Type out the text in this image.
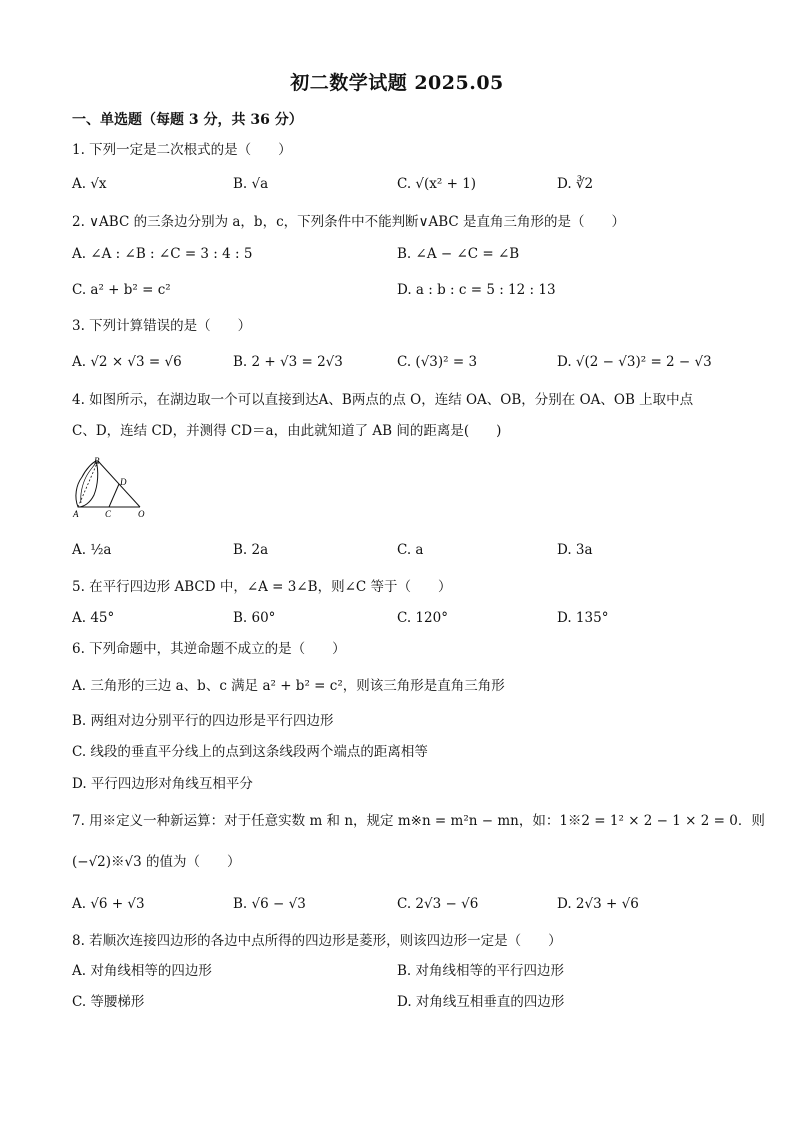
初二数学试题 2025.05
一、单选题（每题 3 分，共 36 分）
1. 下列一定是二次根式的是（　　）
A. √x	B. √a	C. √(x² + 1)	D. ∛2
2. ∨ABC 的三条边分别为 a，b，c，下列条件中不能判断∨ABC 是直角三角形的是（　　）
A. ∠A : ∠B : ∠C = 3 : 4 : 5	B. ∠A − ∠C = ∠B
C. a² + b² = c²	D. a : b : c = 5 : 12 : 13
3. 下列计算错误的是（　　）
A. √2 × √3 = √6	B. 2 + √3 = 2√3	C. (√3)² = 3	D. √(2 − √3)² = 2 − √3
4. 如图所示，在湖边取一个可以直接到达A、B两点的点 O，连结 OA、OB，分别在 OA、OB 上取中点
C、D，连结 CD，并测得 CD＝a，由此就知道了 AB 间的距离是(　　)
B
A	C
D
O
A. ½a	B. 2a	C. a	D. 3a
5. 在平行四边形 ABCD 中，∠A = 3∠B，则∠C 等于（　　）
A. 45°	B. 60°	C. 120°	D. 135°
6. 下列命题中，其逆命题不成立的是（　　）
A. 三角形的三边 a、b、c 满足 a² + b² = c²，则该三角形是直角三角形
B. 两组对边分别平行的四边形是平行四边形
C. 线段的垂直平分线上的点到这条线段两个端点的距离相等
D. 平行四边形对角线互相平分
7. 用※定义一种新运算：对于任意实数 m 和 n，规定 m※n = m²n − mn，如：1※2 = 1² × 2 − 1 × 2 = 0．则
(−√2)※√3 的值为（　　）
A. √6 + √3	B. √6 − √3	C. 2√3 − √6	D. 2√3 + √6
8. 若顺次连接四边形的各边中点所得的四边形是菱形，则该四边形一定是（　　）
A. 对角线相等的四边形	B. 对角线相等的平行四边形
C. 等腰梯形	D. 对角线互相垂直的四边形
